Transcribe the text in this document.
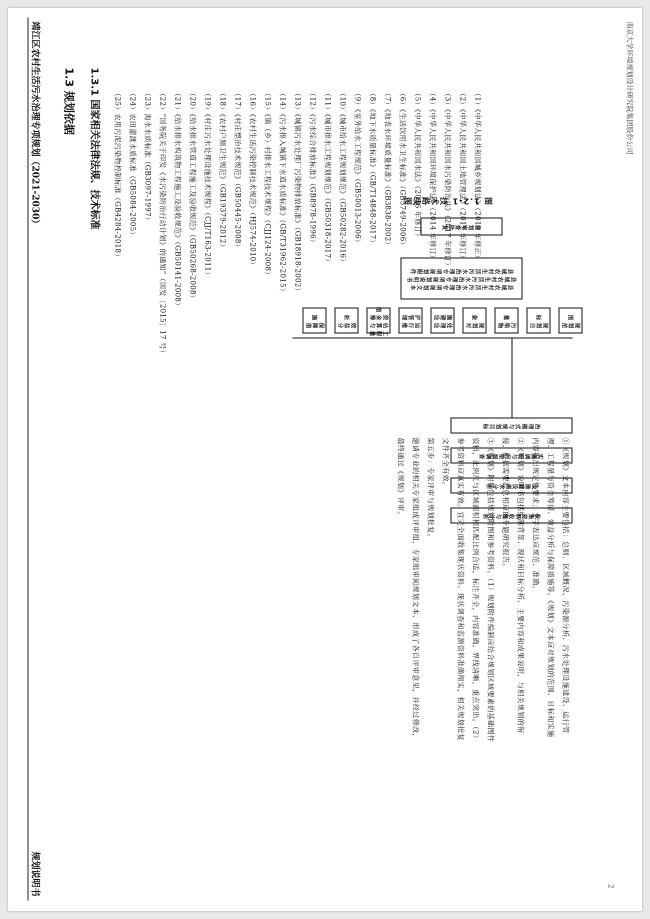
2
南京大学环境规划设计研究院集团股份公司
收集资料收集与分析
设施建设需求分析
实施调研与污染源调查
治理模式与规划目标
规划范围
规划目标
污染物量
规划对象
处理设施建设
运行维护管理
工程量估算与资金筹措
效益分析
保障措施
县域农村生活污水治理专项规划文本
县域农村生活污水治理专项规划说明书
县域农村生活污水治理专项规划附件
规划审查批复
图 1.2-1 技术路线图
1.3 规划依据 1.3.1 国家相关法律法规、技术标准	（1）《中华人民共和国城乡规划法》（2019 年修正）
（2）《中华人民共和国土地管理法》（2019 年修订）
（3）《中华人民共和国水污染防治法》（2017 年修订）
（4）《中华人民共和国环境保护法》（2014 年修订）
（5）《中华人民共和国水法》（2016 年修订）
（6）《生活饮用水卫生标准》（GB5749-2006）
（7）《地表水环境质量标准》（GB3838-2002）
（8）《地下水质量标准》（GB/T14848-2017）
（9）《室外给水工程规范》（GB50013-2006）
（10）《城市给水工程规划规范》（GB50282-2016）
（11）《城市排水工程规划规范》（GB50318-2017）
（12）《污水综合排放标准》（GB8978-1996）
（13）《城镇污水处理厂污染物排放标准》（GB18918-2002）
（14）《污水排入城镇下水道水质标准》（GB/T31962-2015）
（15）《镇（乡）村排水工程技术规程》（CJJ124-2008）
（16）《农村生活污染控制技术规范》（HJ574-2010）
（17）《村庄整治技术规范》（GB50445-2008）
（18）《农村户厕卫生规范》（GB19379-2012）
（19）《村庄污水处理设施技术规程》（CJJ/T163-2011）
（20）《给水排水管道工程施工及验收规范》（GB50268-2008）
（21）《给水排水构筑物工程施工及验收规范》（GB50141-2008）
（22）“国务院关于印发《水污染防治行动计划》的通知”（国发〔2015〕17 号）
（23）海水水质标准（GB3097-1997）
（24）农田灌溉水质标准（GB5084-2005）
（25）农用污泥污染物控制标准（GB4284-2018）
①《规划》文本内容主要包括：总则、区域概况、污染源分析、污水处理设施建设、运行管
理、工程量与资金筹措、效益分析与保障措施等。《规划》文本应对规划的范围、目标和实施
内容提出规定性要求；文字表达应规范、准确。
②《规划》说明书包括编制背景、现状和目标分析、主要内容和成果说明，与相关规划的衔
接，根据需要汇总相应的专题研究报告。
③《规划》附件包括规划附图和参考资料。（1）规划附件编制应结合规划区域要素的基础图件
资料，比例尺与区域面积相匹配比例合适，标注齐全，内容准确，界线清晰，重点突出。（2）
参考资料应真实有效。宜完全面收集现状资料。现状调查和监测资料准确翔实，相关规划批复
文件齐全有效。
第五步：专家评审与规划批复。
邀请专业的相关专家组成评审组，专家组审阅规划文本、形成了各自评审意见，并经过修改，
最终通过《规划》评审。
靖江区农村生活污水治理专项规划（2021-2030）
规划说明书
